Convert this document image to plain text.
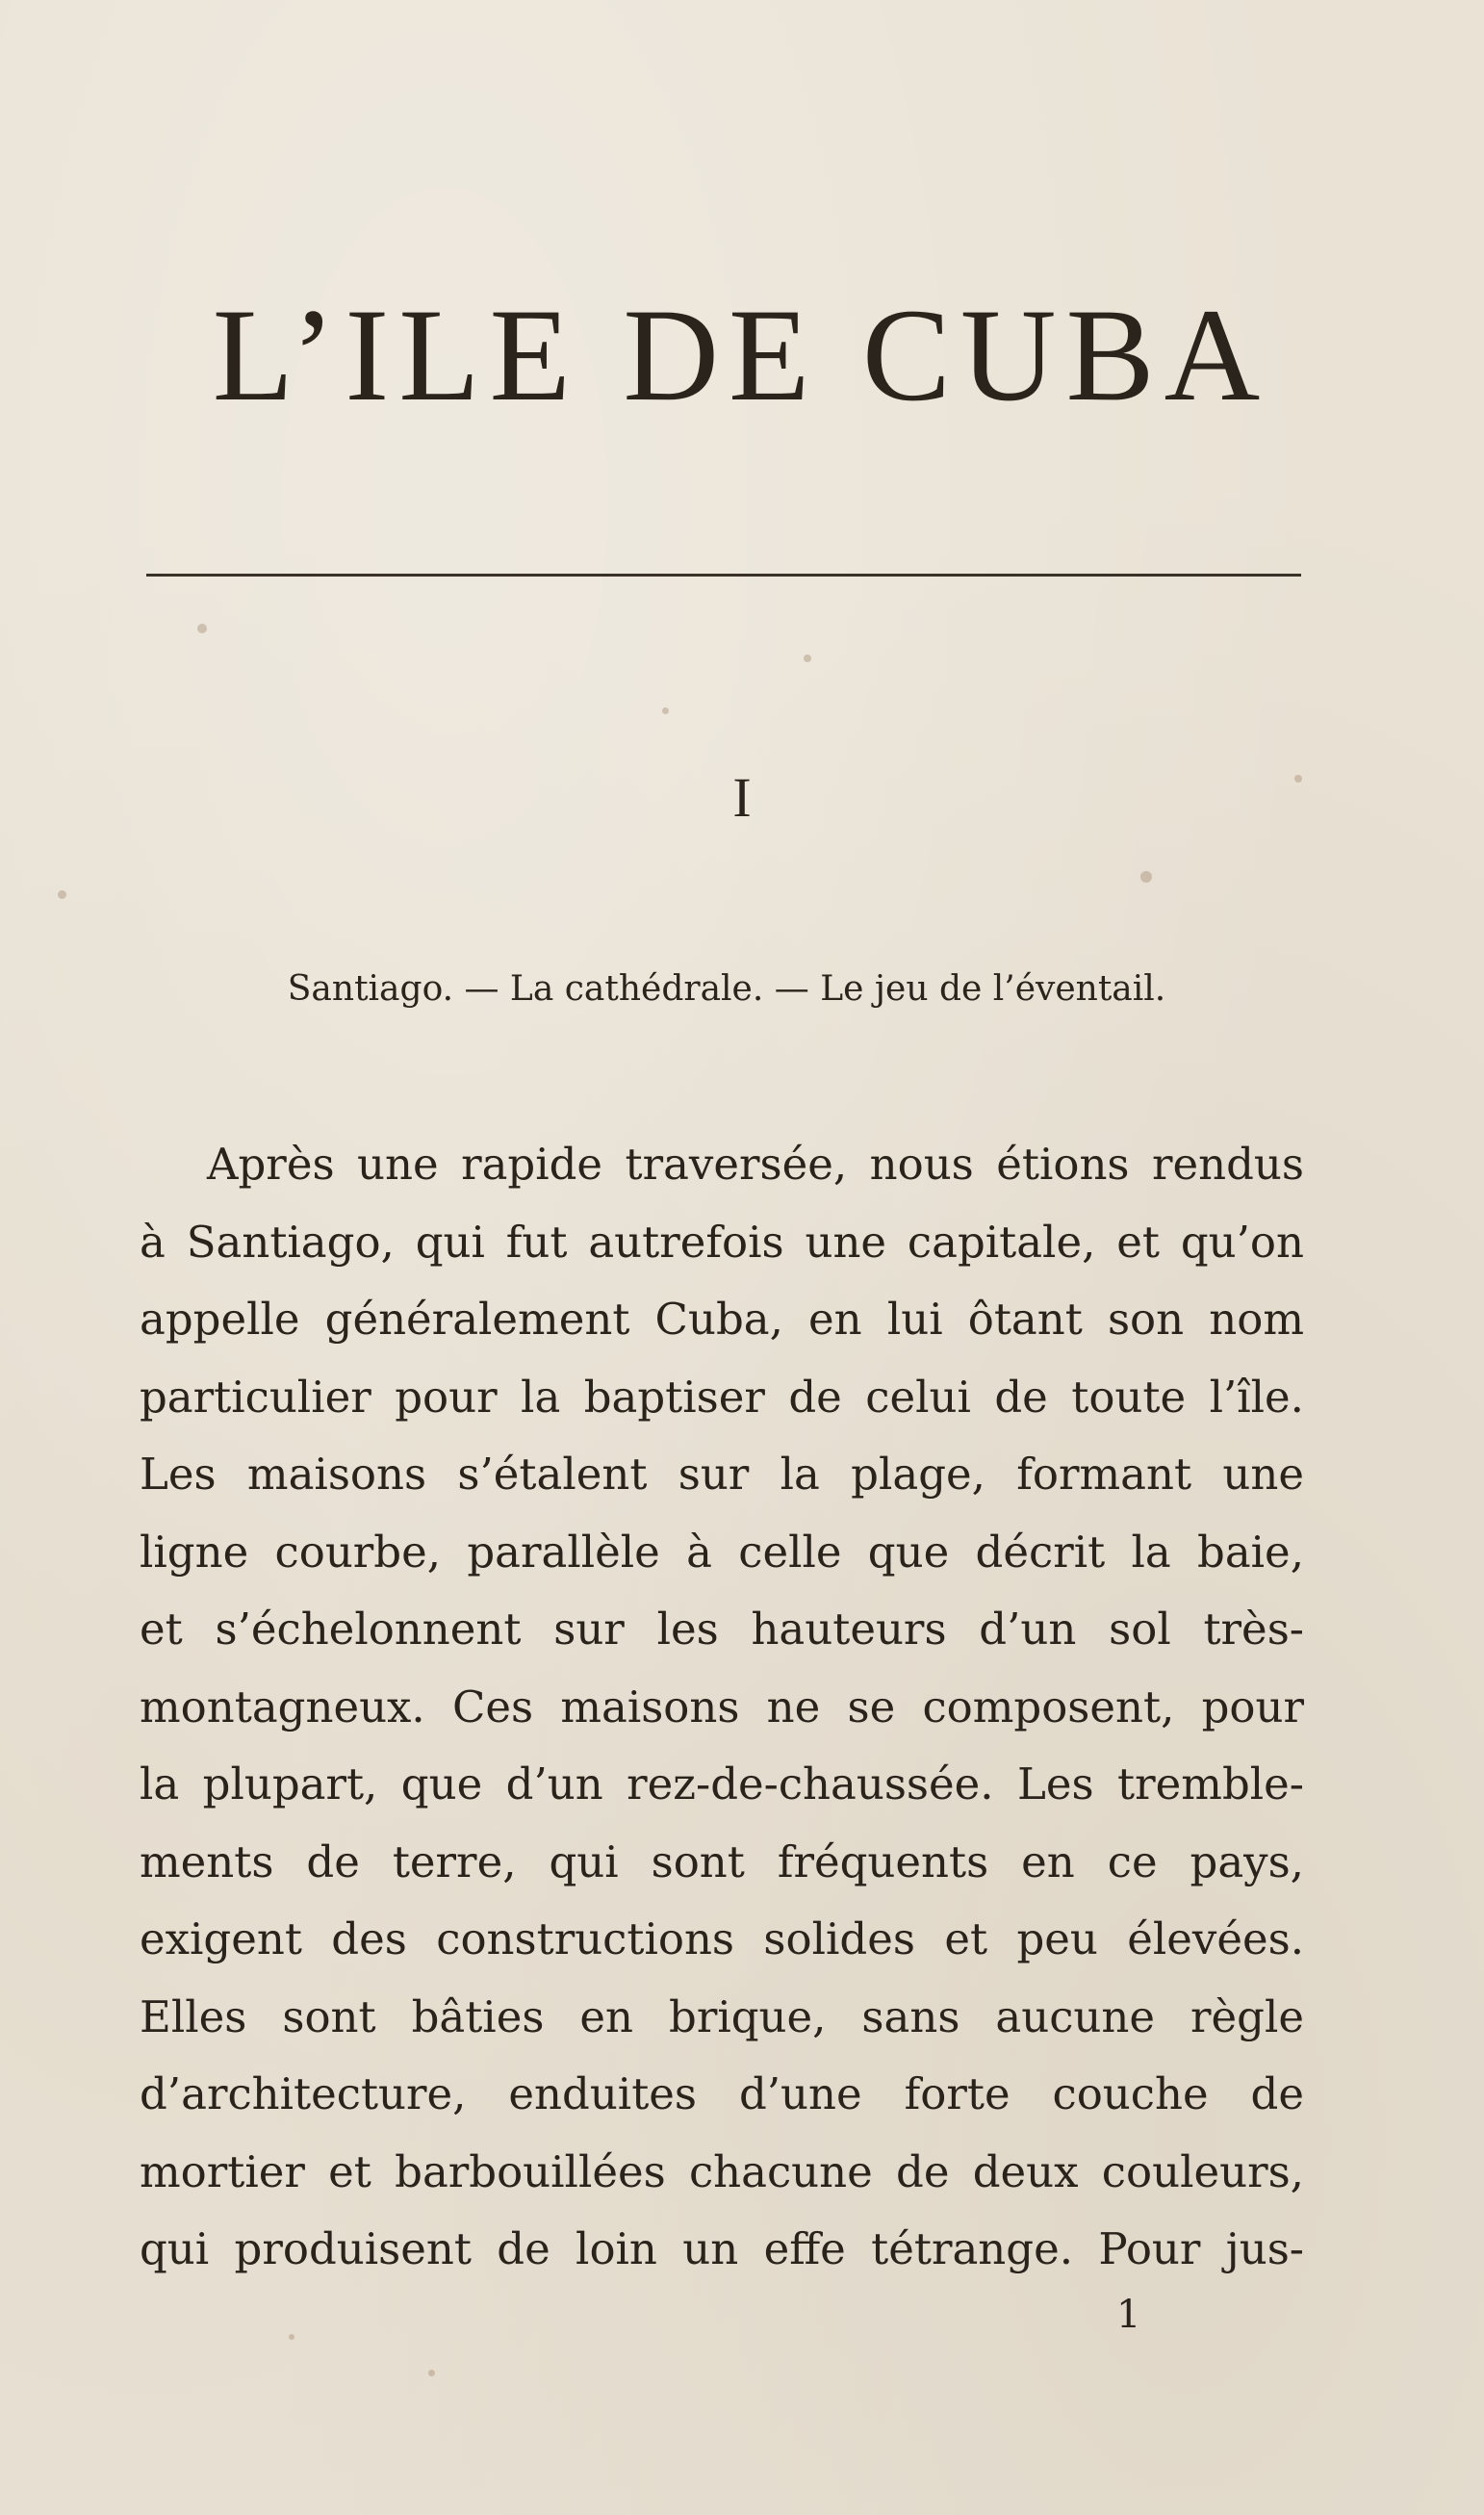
L’ILE DE CUBA
I
Santiago. — La cathédrale. — Le jeu de l’éventail.
Après une rapide traversée, nous étions rendus
à Santiago, qui fut autrefois une capitale, et qu’on
appelle généralement Cuba, en lui ôtant son nom
particulier pour la baptiser de celui de toute l’île.
Les maisons s’étalent sur la plage, formant une
ligne courbe, parallèle à celle que décrit la baie,
et s’échelonnent sur les hauteurs d’un sol très-
montagneux. Ces maisons ne se composent, pour
la plupart, que d’un rez-de-chaussée. Les tremble-
ments de terre, qui sont fréquents en ce pays,
exigent des constructions solides et peu élevées.
Elles sont bâties en brique, sans aucune règle
d’architecture, enduites d’une forte couche de
mortier et barbouillées chacune de deux couleurs,
qui produisent de loin un effe tétrange. Pour jus-
1
